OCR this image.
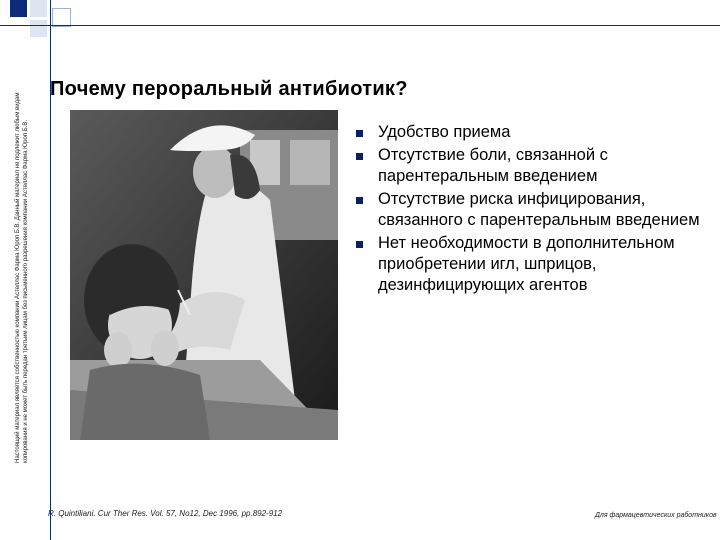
Настоящий материал является собственностью компании Астеллас Фарма Юроп Б.В. Данный материал не подлежит любым видам копирования и не может быть передан третьим лицам без письменного разрешения компании Астеллас Фарма Юроп Б.В.
Почему пероральный антибиотик?
Удобство приема
Отсутствие боли, связанной с парентеральным введением
Отсутствие риска инфицирования, связанного с парентеральным введением
Нет необходимости в дополнительном приобретении игл, шприцов, дезинфицирующих агентов
R. Quintiliani. Cur Ther Res. Vol. 57, No12, Dec 1996, pp.892-912	Для фармацевтических работников
